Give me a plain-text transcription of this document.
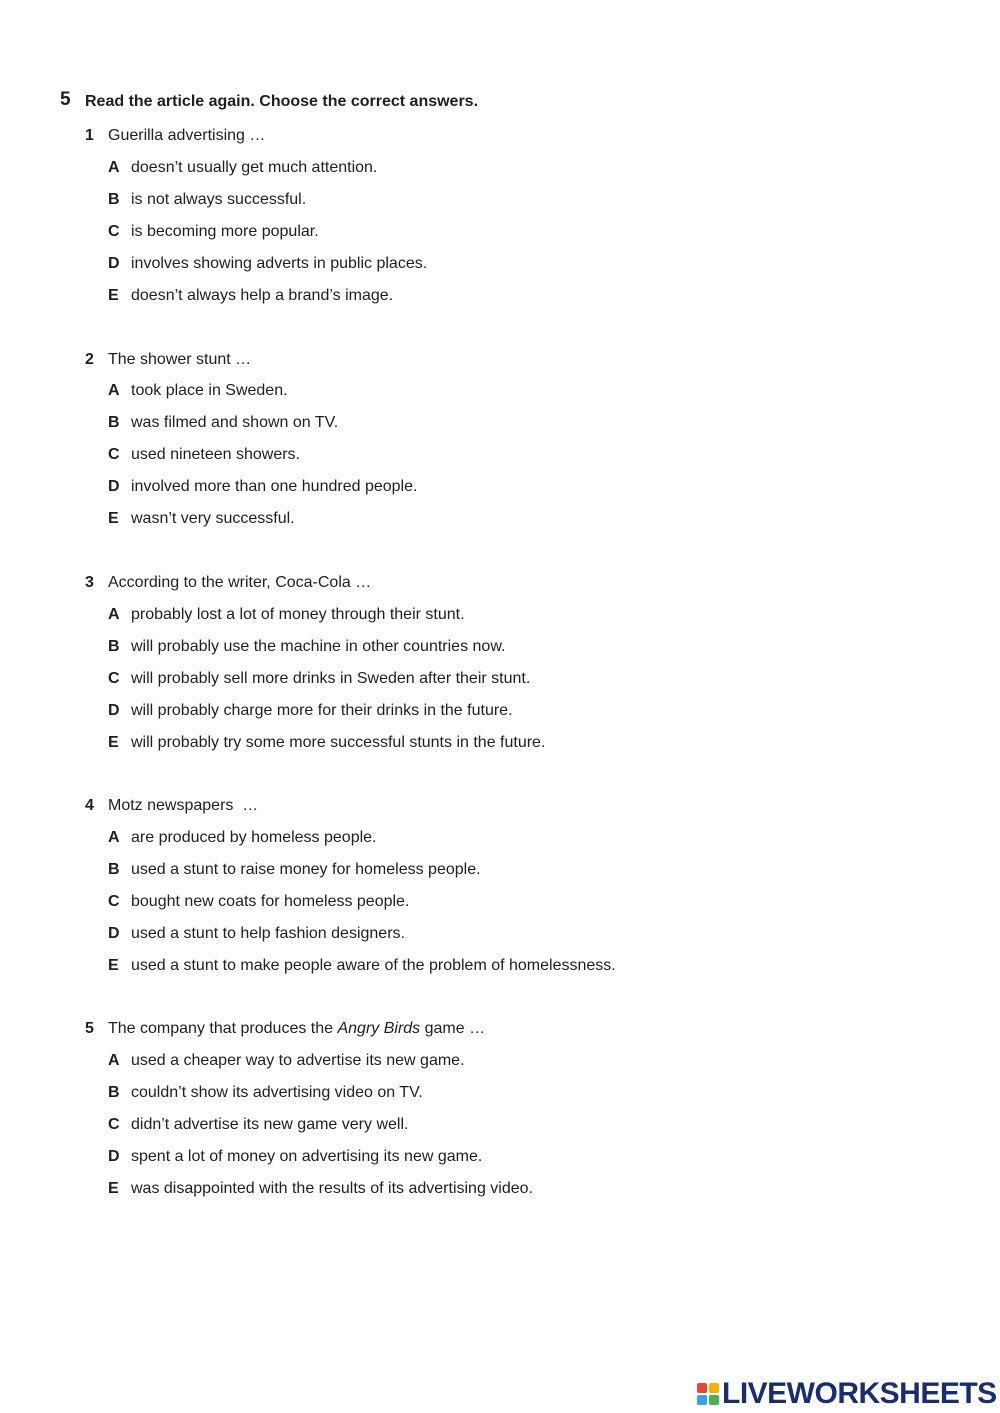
5 Read the article again. Choose the correct answers.
1 Guerilla advertising …
A doesn’t usually get much attention.
B is not always successful.
C is becoming more popular.
D involves showing adverts in public places.
E doesn’t always help a brand’s image.
2 The shower stunt …
A took place in Sweden.
B was filmed and shown on TV.
C used nineteen showers.
D involved more than one hundred people.
E wasn’t very successful.
3 According to the writer, Coca-Cola …
A probably lost a lot of money through their stunt.
B will probably use the machine in other countries now.
C will probably sell more drinks in Sweden after their stunt.
D will probably charge more for their drinks in the future.
E will probably try some more successful stunts in the future.
4 Motz newspapers  …
A are produced by homeless people.
B used a stunt to raise money for homeless people.
C bought new coats for homeless people.
D used a stunt to help fashion designers.
E used a stunt to make people aware of the problem of homelessness.
5 The company that produces the Angry Birds game …
A used a cheaper way to advertise its new game.
B couldn’t show its advertising video on TV.
C didn’t advertise its new game very well.
D spent a lot of money on advertising its new game.
E was disappointed with the results of its advertising video.
LIVEWORKSHEETS
